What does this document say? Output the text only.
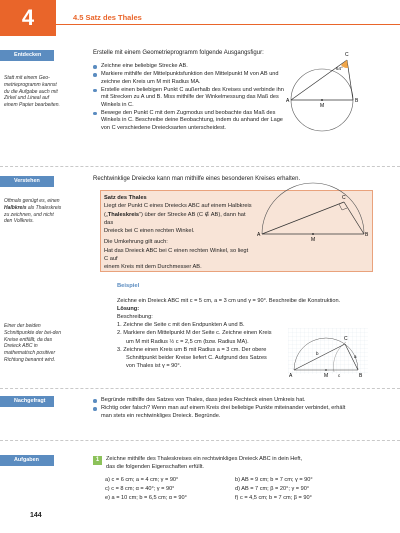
4	4.5 Satz des Thales
Entdecken
Statt mit einem Geo-metrieprogramm kannst du die Aufgabe auch mit Zirkel und Lineal auf einem Papier bearbeiten.
Erstelle mit einem Geometrieprogramm folgende Ausgangsfigur:
Zeichne eine beliebige Strecke AB.
Markiere mithilfe der Mittelpunktsfunktion den Mittelpunkt M von AB und zeichne den Kreis um M mit Radius MA.
Erstelle einen beliebigen Punkt C außerhalb des Kreises und verbinde ihn mit Strecken zu A und B. Miss mithilfe der Winkelmessung das Maß des Winkels in C.
Bewege den Punkt C mit dem Zugmodus und beobachte das Maß des Winkels in C. Beschreibe deine Beobachtung, indem du anhand der Lage von C verschiedene Dreiecksarten unterscheidest.
A	B
M
C
64°
Verstehen
Oftmals genügt es, einen Halbkreis als Thaleskreis zu zeichnen, und nicht den Vollkreis.
Rechtwinklige Dreiecke kann man mithilfe eines besonderen Kreises erhalten.
Satz des Thales
Liegt der Punkt C eines Dreiecks ABC auf einem Halbkreis
(„Thaleskreis“) über der Strecke AB (C ∉ AB), dann hat das
Dreieck bei C einen rechten Winkel.
Die Umkehrung gilt auch:
Hat das Dreieck ABC bei C einen rechten Winkel, so liegt C auf
einem Kreis mit dem Durchmesser AB.
A	B
M
C
Beispiel
Einer der beiden Schnittpunkte der bei-den Kreise entfällt, da das Dreieck ABC in mathematisch positiver Richtung benannt wird.
Zeichne ein Dreieck ABC mit c = 5 cm, a = 3 cm und γ = 90°. Beschreibe die Konstruktion.
Lösung:
Beschreibung:
1. Zeichne die Seite c mit den Endpunkten A und B.
2. Markiere den Mittelpunkt M der Seite c. Zeichne einen Kreis um M mit Radius ½ c = 2,5 cm (bzw. Radius MA).
3. Zeichne einen Kreis um B mit Radius a = 3 cm. Der obere Schnittpunkt beider Kreise liefert C. Aufgrund des Satzes von Thales ist γ = 90°.
A	B
M
C
a
b
c
Nachgefragt	Begründe mithilfe des Satzes von Thales, dass jedes Rechteck einen Umkreis hat.
Richtig oder falsch? Wenn man auf einem Kreis drei beliebige Punkte miteinander verbindet, erhält man stets ein rechtwinkliges Dreieck. Begründe.
Aufgaben	1	Zeichne mithilfe des Thaleskreises ein rechtwinkliges Dreieck ABC in dein Heft,
das die folgenden Eigenschaften erfüllt.
a) c = 6 cm; a = 4 cm; γ = 90°	b) AB = 9 cm; b = 7 cm; γ = 90°
c) c = 8 cm; α = 40°; γ = 90°	d) AB = 7 cm; β = 20°; γ = 90°
e) a = 10 cm; b = 6,5 cm; α = 90°	f) c = 4,5 cm; b = 7 cm; β = 90°
144
